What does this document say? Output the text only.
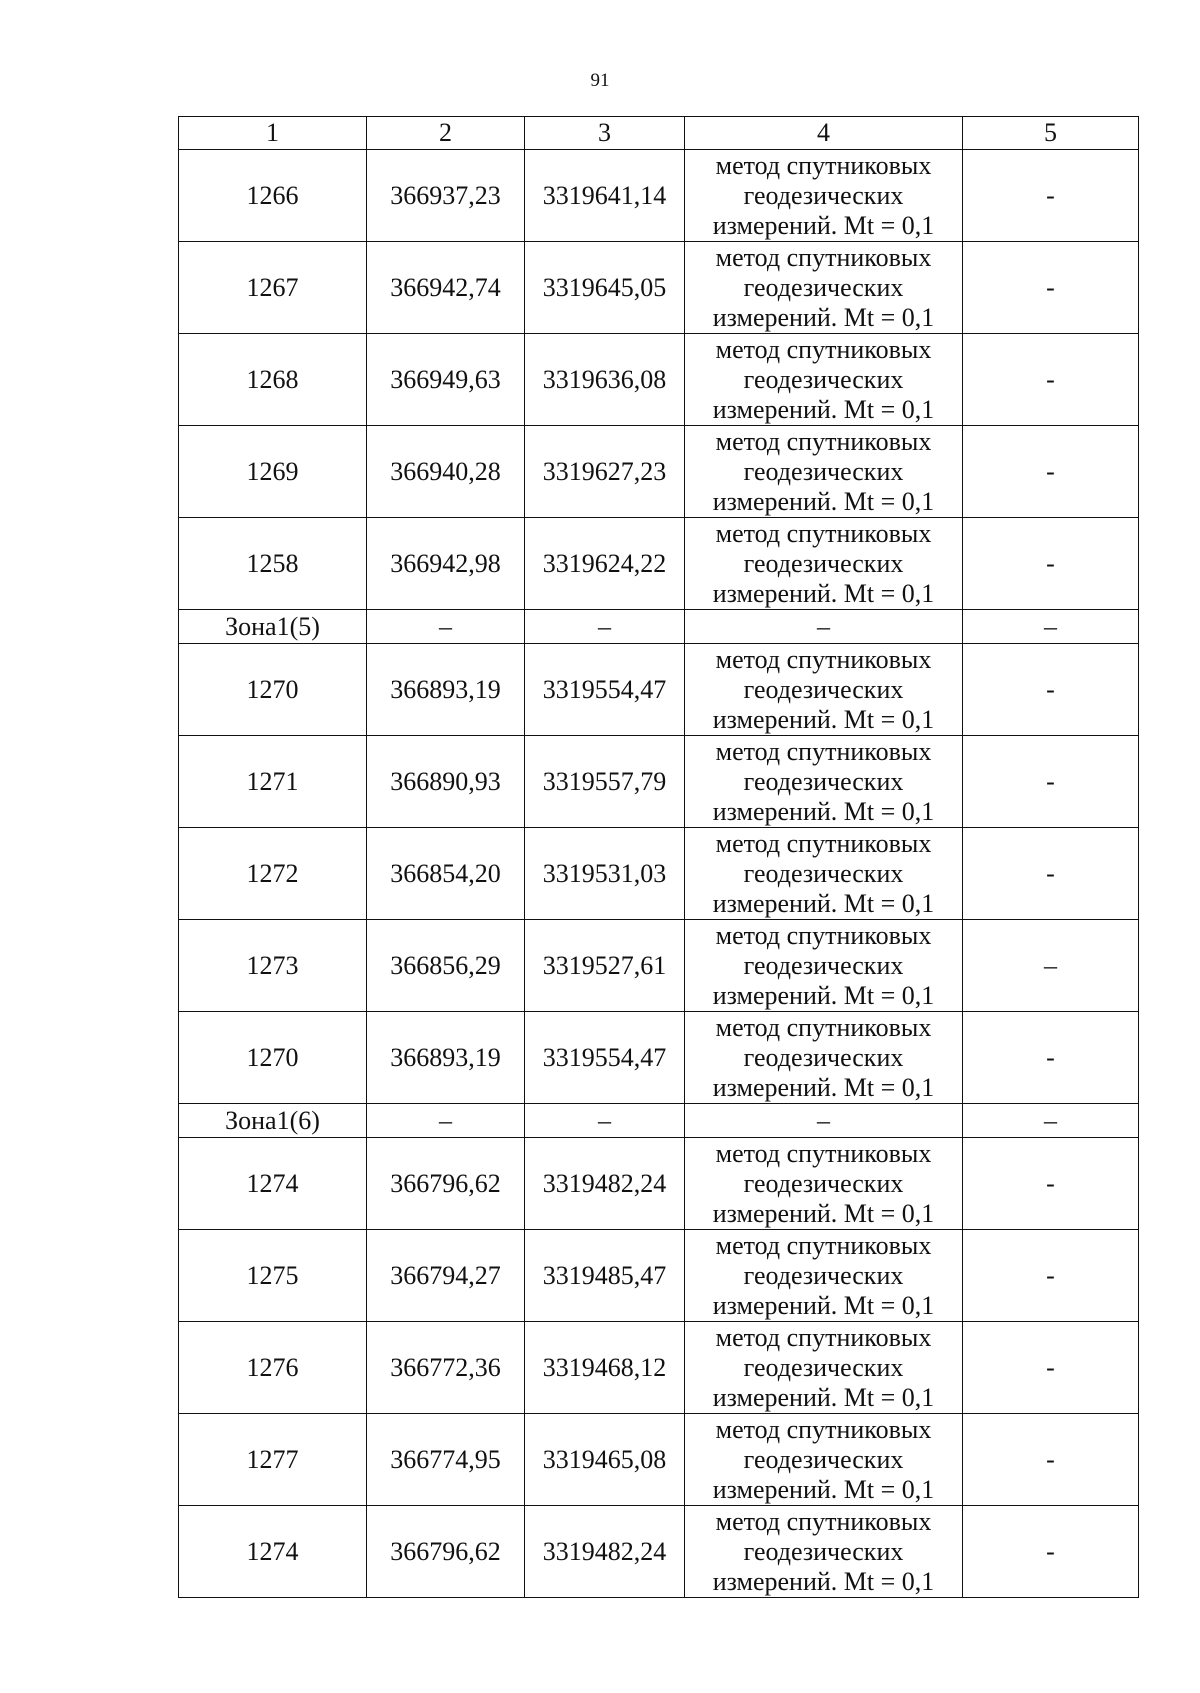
91
1	2	3	4	5
1266	366937,23	3319641,14	метод спутниковых
геодезических
измерений. Mt = 0,1	-
1267	366942,74	3319645,05	метод спутниковых
геодезических
измерений. Mt = 0,1	-
1268	366949,63	3319636,08	метод спутниковых
геодезических
измерений. Mt = 0,1	-
1269	366940,28	3319627,23	метод спутниковых
геодезических
измерений. Mt = 0,1	-
1258	366942,98	3319624,22	метод спутниковых
геодезических
измерений. Mt = 0,1	-
Зона1(5)	–	–	–	–
1270	366893,19	3319554,47	метод спутниковых
геодезических
измерений. Mt = 0,1	-
1271	366890,93	3319557,79	метод спутниковых
геодезических
измерений. Mt = 0,1	-
1272	366854,20	3319531,03	метод спутниковых
геодезических
измерений. Mt = 0,1	-
1273	366856,29	3319527,61	метод спутниковых
геодезических
измерений. Mt = 0,1	–
1270	366893,19	3319554,47	метод спутниковых
геодезических
измерений. Mt = 0,1	-
Зона1(6)	–	–	–	–
1274	366796,62	3319482,24	метод спутниковых
геодезических
измерений. Mt = 0,1	-
1275	366794,27	3319485,47	метод спутниковых
геодезических
измерений. Mt = 0,1	-
1276	366772,36	3319468,12	метод спутниковых
геодезических
измерений. Mt = 0,1	-
1277	366774,95	3319465,08	метод спутниковых
геодезических
измерений. Mt = 0,1	-
1274	366796,62	3319482,24	метод спутниковых
геодезических
измерений. Mt = 0,1	-
